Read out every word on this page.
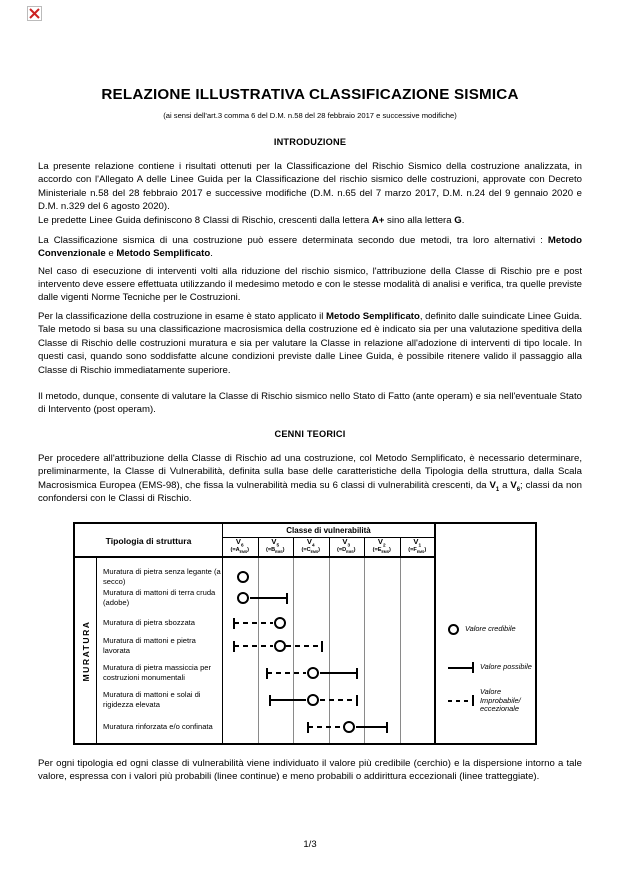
RELAZIONE ILLUSTRATIVA CLASSIFICAZIONE SISMICA
(ai sensi dell'art.3 comma 6 del D.M. n.58 del 28 febbraio 2017 e successive modifiche)
INTRODUZIONE
La presente relazione contiene i risultati ottenuti per la Classificazione del Rischio Sismico della costruzione analizzata, in accordo con l'Allegato A delle Linee Guida per la Classificazione del rischio sismico delle costruzioni, approvate con Decreto Ministeriale n.58 del 28 febbraio 2017 e successive modifiche (D.M. n.65 del 7 marzo 2017, D.M. n.24 del 9 gennaio 2020 e D.M. n.329 del 6 agosto 2020).
Le predette Linee Guida definiscono 8 Classi di Rischio, crescenti dalla lettera A+ sino alla lettera G.
La Classificazione sismica di una costruzione può essere determinata secondo due metodi, tra loro alternativi : Metodo Convenzionale e Metodo Semplificato.
Nel caso di esecuzione di interventi volti alla riduzione del rischio sismico, l'attribuzione della Classe di Rischio pre e post intervento deve essere effettuata utilizzando il medesimo metodo e con le stesse modalità di analisi e verifica, tra quelle previste dalle vigenti Norme Tecniche per le Costruzioni.
Per la classificazione della costruzione in esame è stato applicato il Metodo Semplificato, definito dalle suindicate Linee Guida. Tale metodo si basa su una classificazione macrosismica della costruzione ed è indicato sia per una valutazione speditiva della Classe di Rischio delle costruzioni muratura e sia per valutare la Classe in relazione all'adozione di interventi di tipo locale. In questi casi, quando sono soddisfatte alcune condizioni previste dalle Linee Guida, è possibile ritenere valido il passaggio alla Classe di Rischio immediatamente superiore.
Il metodo, dunque, consente di valutare la Classe di Rischio sismico nello Stato di Fatto (ante operam) e sia nell'eventuale Stato di Intervento (post operam).
CENNI TEORICI
Per procedere all'attribuzione della Classe di Rischio ad una costruzione, col Metodo Semplificato, è necessario determinare, preliminarmente, la Classe di Vulnerabilità, definita sulla base delle caratteristiche della Tipologia della struttura, dalla Scala Macrosismica Europea (EMS-98), che fissa la vulnerabilità media su 6 classi di vulnerabilità crescenti, da $V_1$ a $V_6$; classi da non confondersi con le Classi di Rischio.
Tipologia di struttura
Classe di vulnerabilità
$V_6$
$(=A_{EMS})$
$V_5$
$(=B_{EMS})$
$V_4$
$(=C_{EMS})$
$V_3$
$(=D_{EMS})$
$V_2$
$(=E_{EMS})$
$V_1$
$(=F_{EMS})$
MURATURA
Muratura di pietra senza legante (a secco)
Muratura di mattoni di terra cruda (adobe)
Muratura di pietra sbozzata
Muratura di mattoni e pietra lavorata
Muratura di pietra massiccia per costruzioni monumentali
Muratura di mattoni e solai di rigidezza elevata
Muratura rinforzata e/o confinata
Valore credibile
Valore possibile
Valore Improbabile/ eccezionale
Per ogni tipologia ed ogni classe di vulnerabilità viene individuato il valore più credibile (cerchio) e la dispersione intorno a tale valore, espressa con i valori più probabili (linee continue) e meno probabili o addirittura eccezionali (linee tratteggiate).
1/3
